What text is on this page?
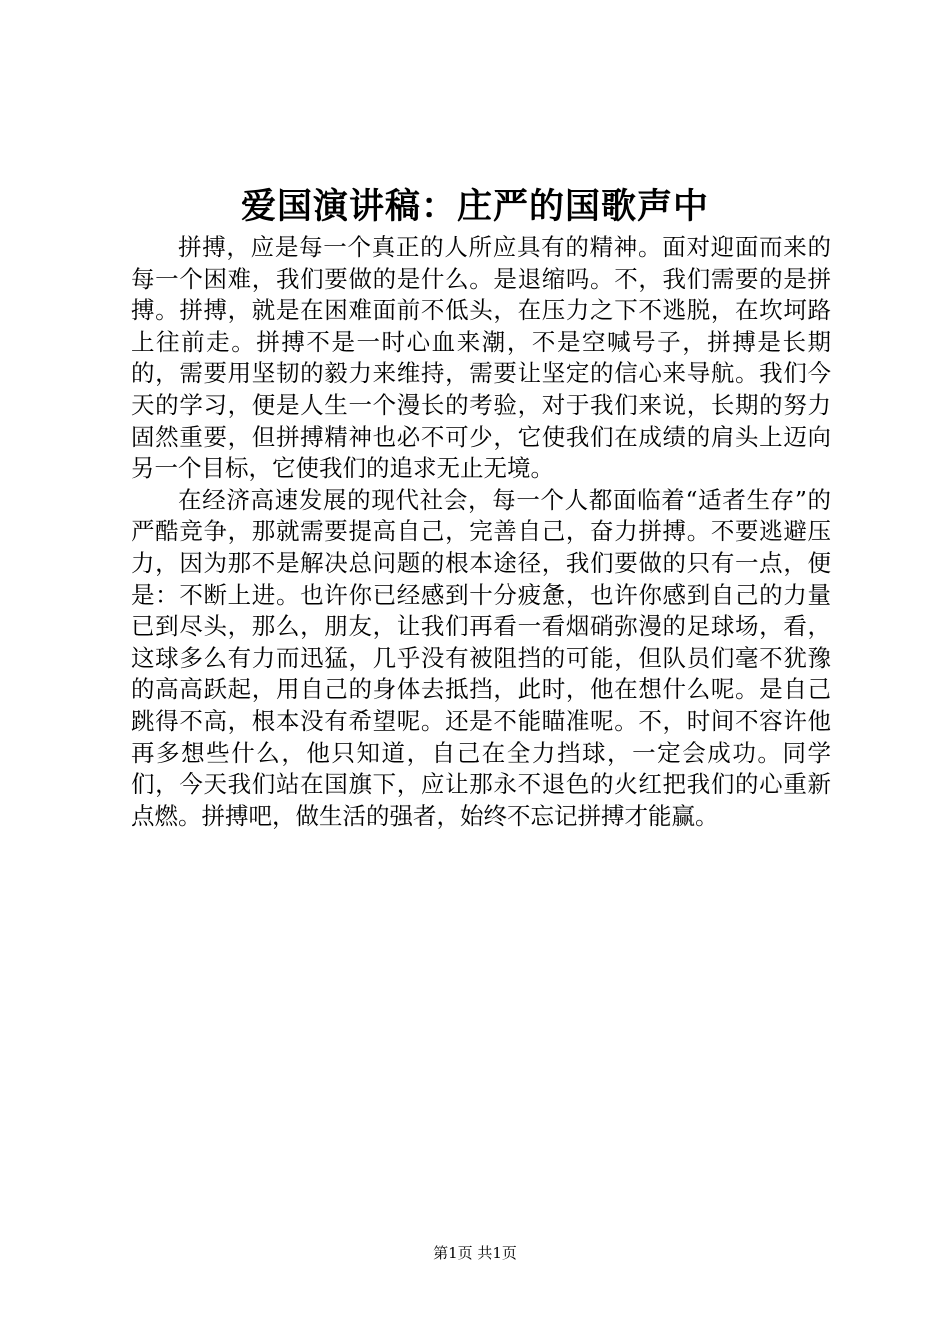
爱国演讲稿：庄严的国歌声中

拼搏，应是每一个真正的人所应具有的精神。面对迎面而来的每一个困难，我们要做的是什么。是退缩吗。不，我们需要的是拼搏。拼搏，就是在困难面前不低头，在压力之下不逃脱，在坎坷路上往前走。拼搏不是一时心血来潮，不是空喊号子，拼搏是长期的，需要用坚韧的毅力来维持，需要让坚定的信心来导航。我们今天的学习，便是人生一个漫长的考验，对于我们来说，长期的努力固然重要，但拼搏精神也必不可少，它使我们在成绩的肩头上迈向另一个目标，它使我们的追求无止无境。

在经济高速发展的现代社会，每一个人都面临着“适者生存”的严酷竞争，那就需要提高自己，完善自己，奋力拼搏。不要逃避压力，因为那不是解决总问题的根本途径，我们要做的只有一点，便是：不断上进。也许你已经感到十分疲惫，也许你感到自己的力量已到尽头，那么，朋友，让我们再看一看烟硝弥漫的足球场，看，这球多么有力而迅猛，几乎没有被阻挡的可能，但队员们毫不犹豫的高高跃起，用自己的身体去抵挡，此时，他在想什么呢。是自己跳得不高，根本没有希望呢。还是不能瞄准呢。不，时间不容许他再多想些什么，他只知道，自己在全力挡球，一定会成功。同学们，今天我们站在国旗下，应让那永不退色的火红把我们的心重新点燃。拼搏吧，做生活的强者，始终不忘记拼搏才能赢。

第1页 共1页
